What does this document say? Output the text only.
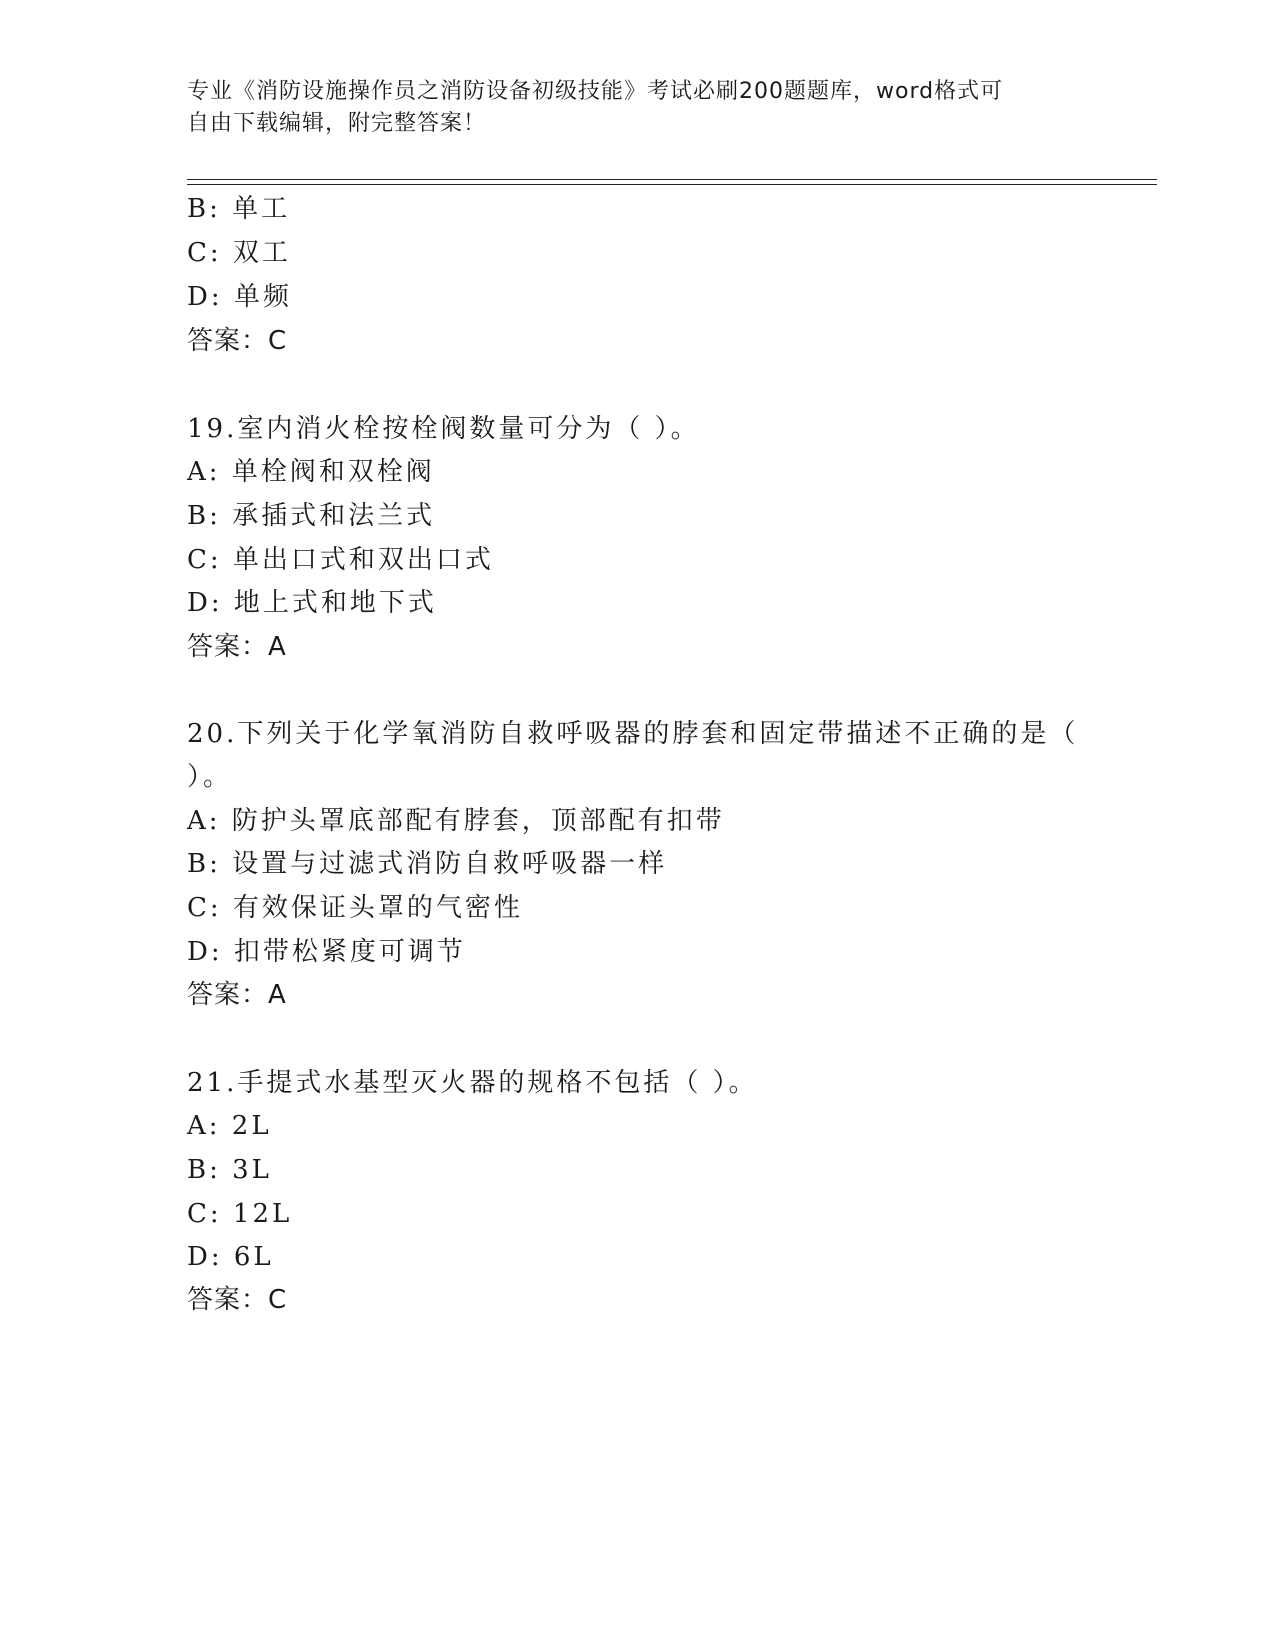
专业《消防设施操作员之消防设备初级技能》考试必刷200题题库，word格式可
自由下载编辑，附完整答案！
B: 单工
C: 双工
D: 单频
答案：C
19.室内消火栓按栓阀数量可分为（ ）。
A: 单栓阀和双栓阀
B: 承插式和法兰式
C: 单出口式和双出口式
D: 地上式和地下式
答案：A
20.下列关于化学氧消防自救呼吸器的脖套和固定带描述不正确的是（
）。
A: 防护头罩底部配有脖套，顶部配有扣带
B: 设置与过滤式消防自救呼吸器一样
C: 有效保证头罩的气密性
D: 扣带松紧度可调节
答案：A
21.手提式水基型灭火器的规格不包括（ ）。
A: 2L
B: 3L
C: 12L
D: 6L
答案：C
